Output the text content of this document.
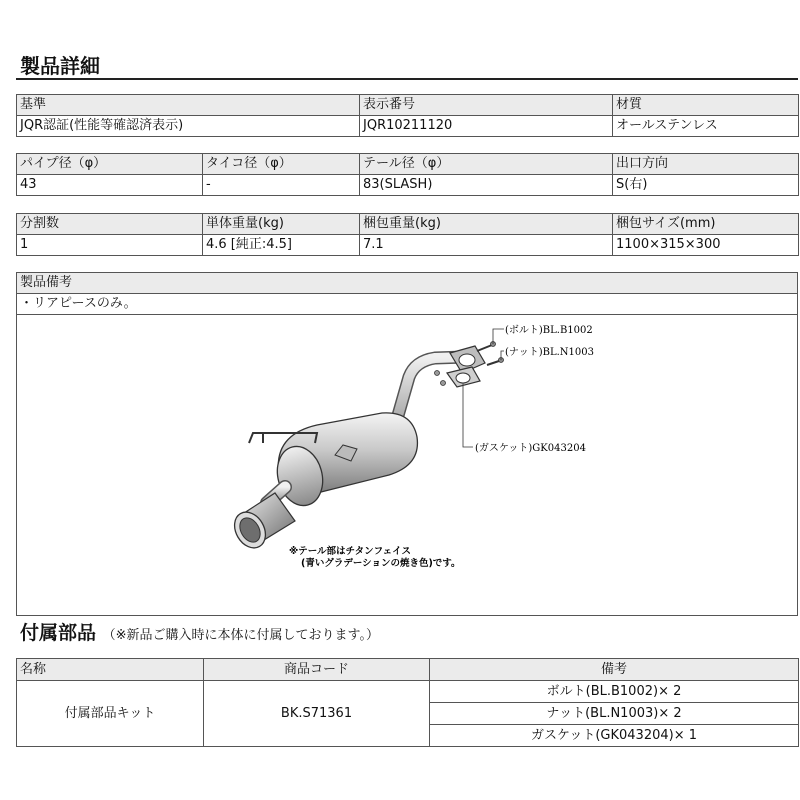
製品詳細
基準	表示番号	材質
JQR認証(性能等確認済表示)	JQR10211120	オールステンレス
パイプ径（φ）	タイコ径（φ）	テール径（φ）	出口方向
43	-	83(SLASH)	S(右)
分割数	単体重量(kg)	梱包重量(kg)	梱包サイズ(mm)
1	4.6 [純正:4.5]	7.1	1100×315×300
製品備考
・リアピースのみ。
(ボルト)BL.B1002
(ナット)BL.N1003
(ガスケット)GK043204
※テール部はチタンフェイス
(青いグラデーションの焼き色)です。
付属部品 （※新品ご購入時に本体に付属しております。）
名称	商品コード	備考
付属部品キット	BK.S71361	ボルト(BL.B1002)× 2
		ナット(BL.N1003)× 2
		ガスケット(GK043204)× 1
